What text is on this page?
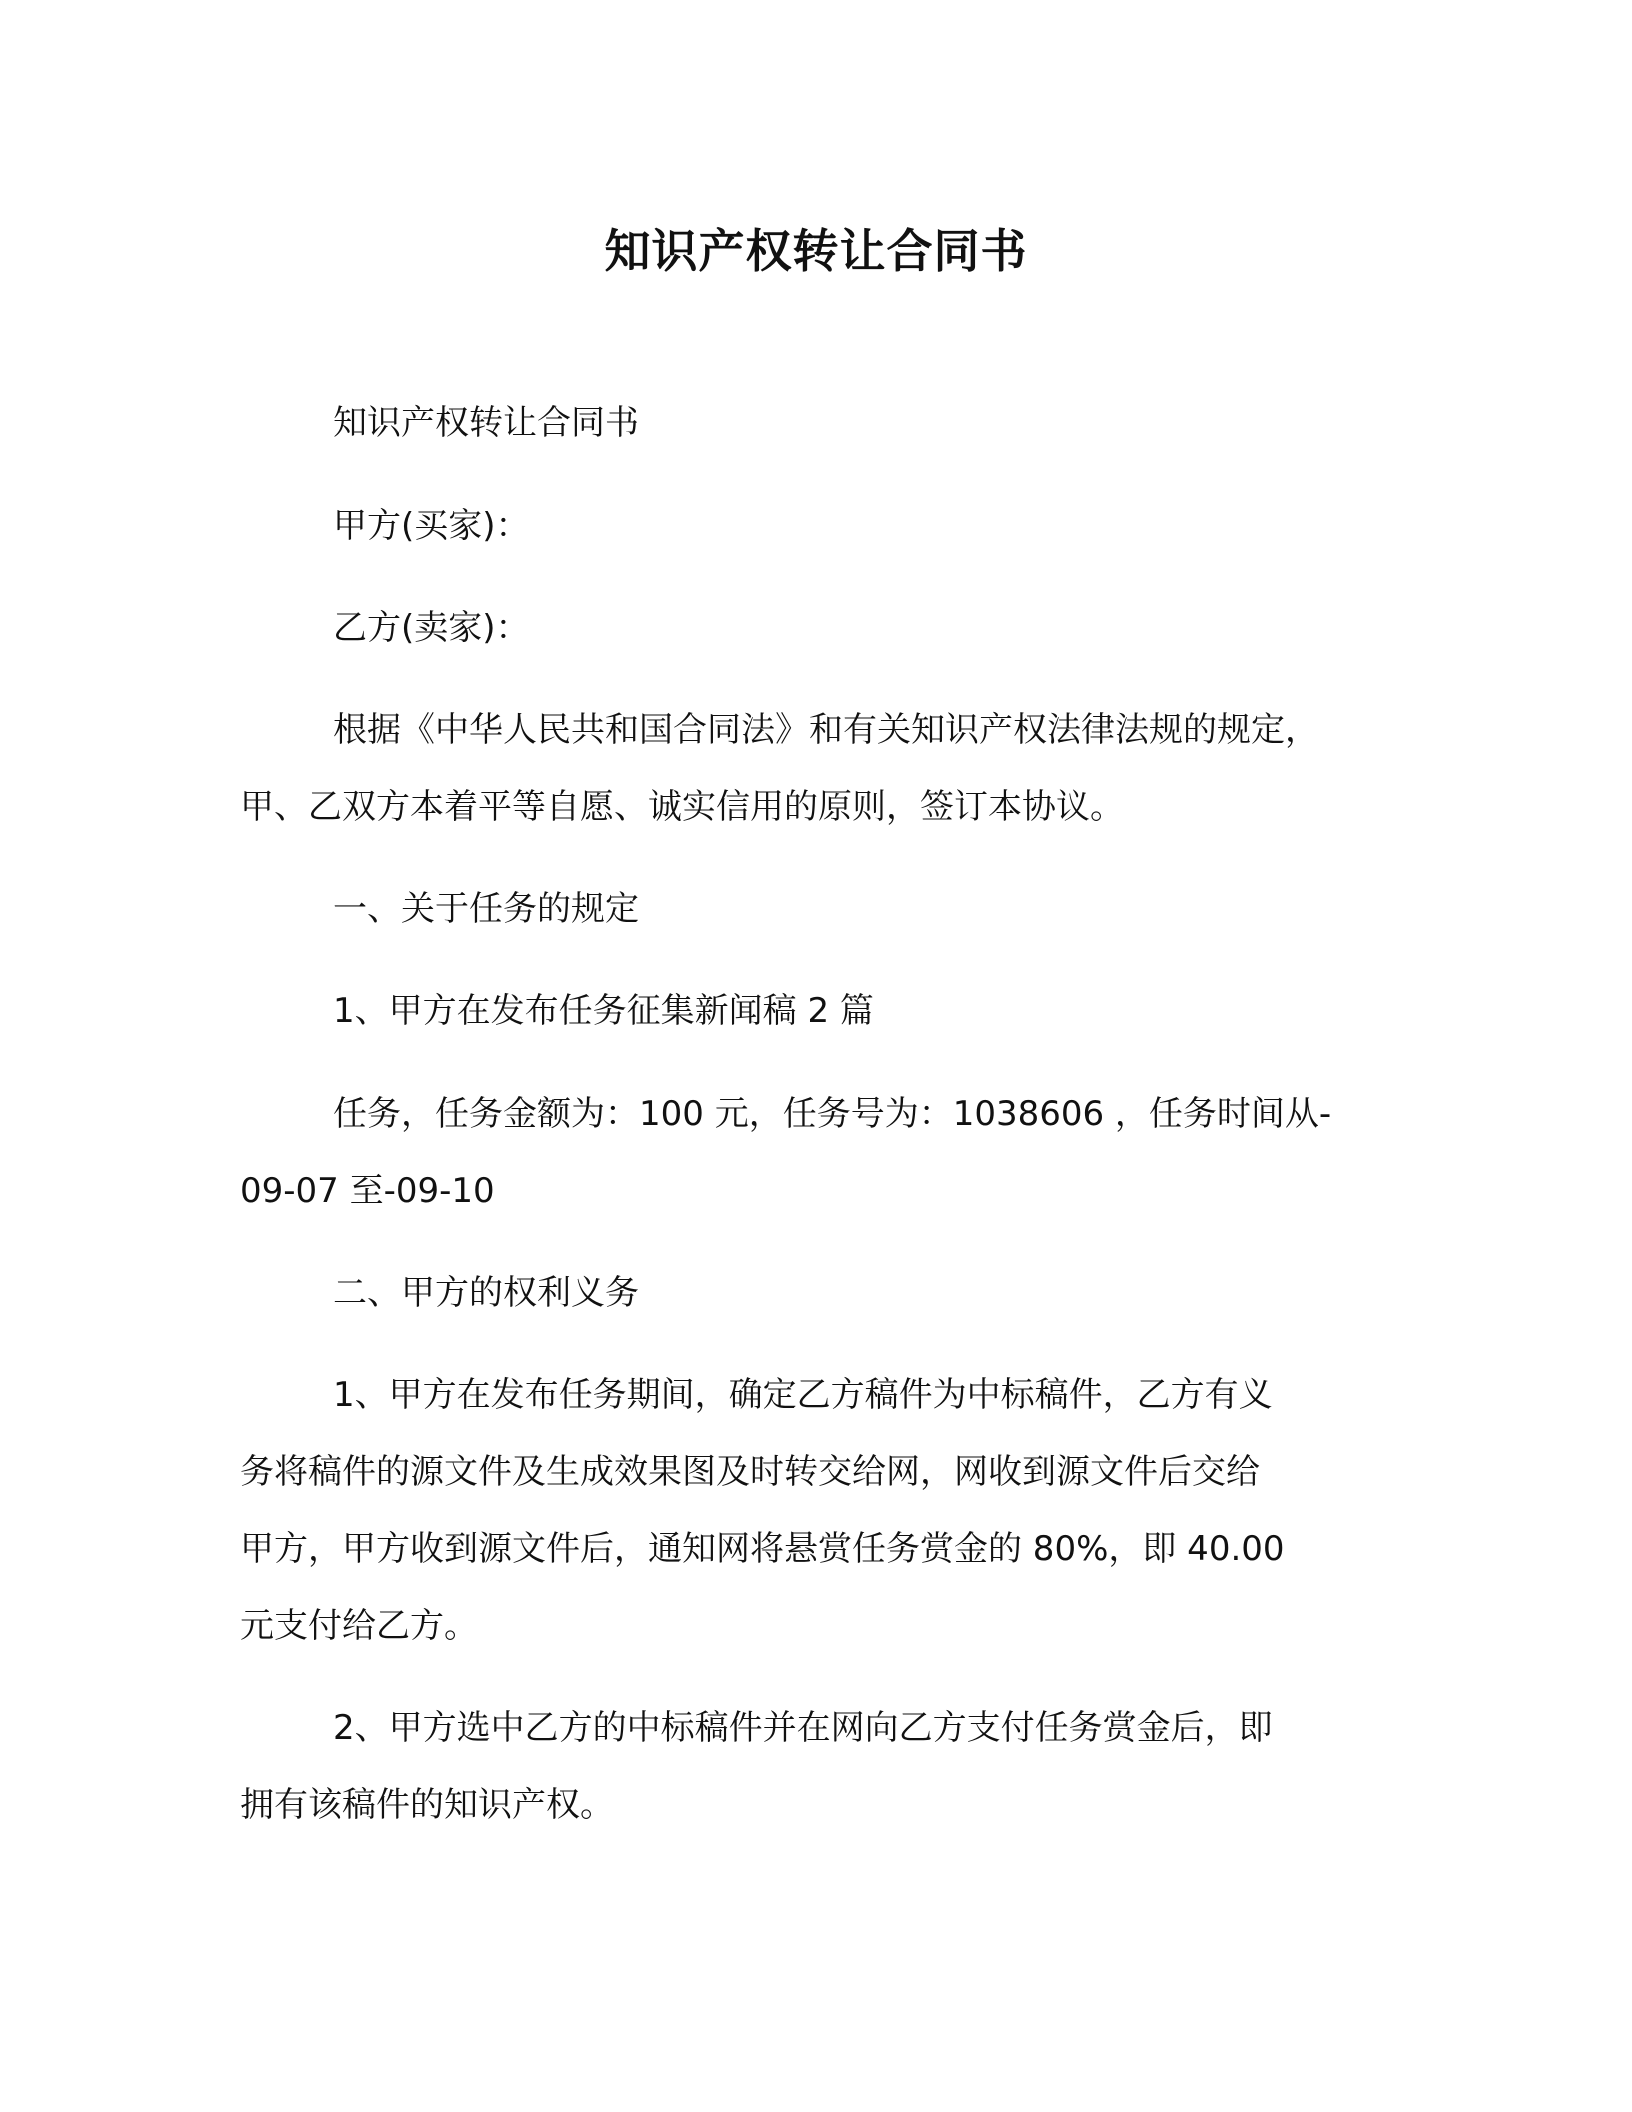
知识产权转让合同书
知识产权转让合同书
甲方(买家)：
乙方(卖家)：
根据《中华人民共和国合同法》和有关知识产权法律法规的规定，
甲、乙双方本着平等自愿、诚实信用的原则，签订本协议。
一、关于任务的规定
1、甲方在发布任务征集新闻稿 2 篇
任务，任务金额为：100 元，任务号为：1038606 ，任务时间从-
09-07 至-09-10
二、甲方的权利义务
1、甲方在发布任务期间，确定乙方稿件为中标稿件，乙方有义
务将稿件的源文件及生成效果图及时转交给网，网收到源文件后交给
甲方，甲方收到源文件后，通知网将悬赏任务赏金的 80%，即 40.00
元支付给乙方。
2、甲方选中乙方的中标稿件并在网向乙方支付任务赏金后，即
拥有该稿件的知识产权。
